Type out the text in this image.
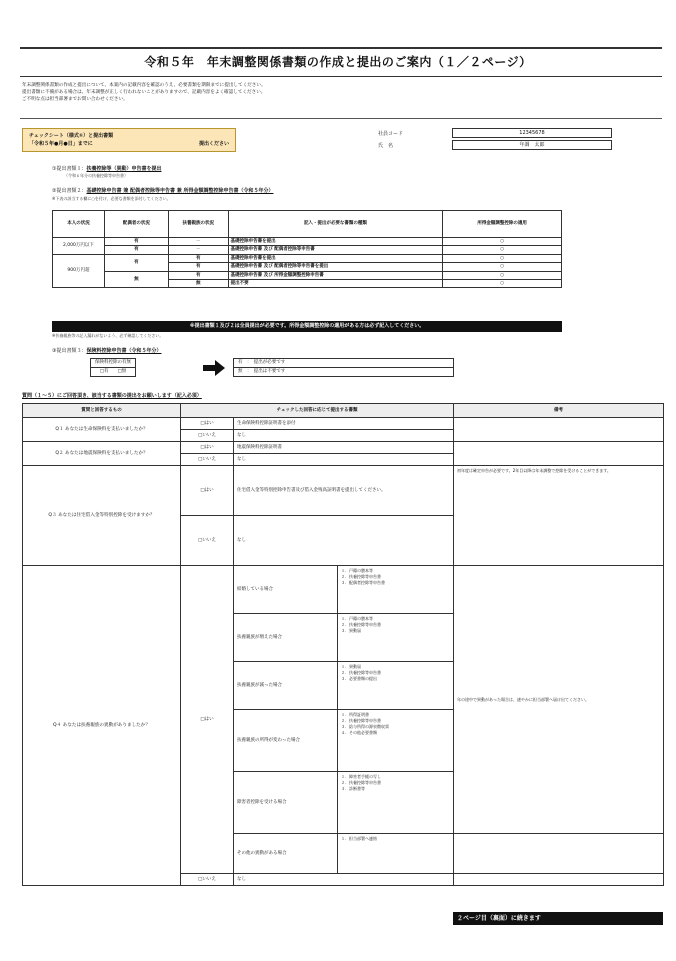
令和５年　年末調整関係書類の作成と提出のご案内（１／２ページ）
年末調整関係書類の作成と提出について、本案内の記載内容を確認のうえ、必要書類を期限までに提出してください。
提出書類に不備がある場合は、年末調整が正しく行われないことがありますので、記載内容をよく確認してください。
ご不明な点は担当部署までお問い合わせください。
チェックシート（様式①）と提出書類
「令和５年●月●日」までに	提出ください
社員コード	12345678
氏　名	年調　太郎
①提出書類１：扶養控除等（異動）申告書を提出
（令和６年分の扶養控除等申告書）
②提出書類２：基礎控除申告書 兼 配偶者控除等申告書 兼 所得金額調整控除申告書（令和５年分）
※下表の該当する欄に○を付け、必要な書類を添付してください。
本人の状況	配偶者の状況	扶養親族の状況	記入・提出が必要な書類の種類	所得金額調整控除の適用
2,000万円以下	有	－	基礎控除申告書を提出	○
	有	－	基礎控除申告書 及び 配偶者控除等申告書	○
900万円超	有	有	基礎控除申告書を提出	○
		有	基礎控除申告書 及び 配偶者控除等申告書を提出	○
	無	有	基礎控除申告書 及び 所得金額調整控除申告書	○
		無	提出不要	○
※提出書類１及び２は全員提出が必要です。所得金額調整控除の適用がある方は必ず記入してください。
※扶養親族等の記入漏れがないよう、必ず確認してください。
③提出書類３：保険料控除申告書（令和５年分）
保険料控除の有無
□有　　□無
有　：　提出が必要です
無　：　提出は不要です
質問（１～５）にご回答頂き、該当する書類の提出をお願いします（記入必須）
質問と回答するもの	チェックした回答に応じて提出する書類			備考
Q１ あなたは生命保険料を支払いましたか？	□はい	生命保険料控除証明書を添付		
	□いいえ	なし		
Q２ あなたは地震保険料を支払いましたか？	□はい	地震保険料控除証明書		
	□いいえ	なし		
Q３ あなたは住宅借入金等特別控除を受けますか？	□はい	住宅借入金等特別控除申告書及び借入金残高証明書を提出してください。		初年度は確定申告が必要です。2年目以降は年末調整で控除を受けることができます。
	□いいえ	なし		
Q４ あなたは扶養親族の異動がありましたか？	□はい	結婚している場合	１．戸籍の謄本等
２．扶養控除等申告書
３．配偶者控除等申告書	年の途中で異動があった場合は、速やかに担当部署へ届け出てください。
		扶養親族が増えた場合	１．戸籍の謄本等
２．扶養控除等申告書
３．異動届	
		扶養親族が減った場合	１．異動届
２．扶養控除等申告書
３．必要書類の提出	
		扶養親族の所得が変わった場合	１．所得証明書
２．扶養控除等申告書
３．給与所得の源泉徴収票
４．その他必要書類	
		障害者控除を受ける場合	１．障害者手帳の写し
２．扶養控除等申告書
３．診断書等	
		その他の異動がある場合	１．担当部署へ連絡	
	□いいえ	なし		
２ページ目（裏面）に続きます
